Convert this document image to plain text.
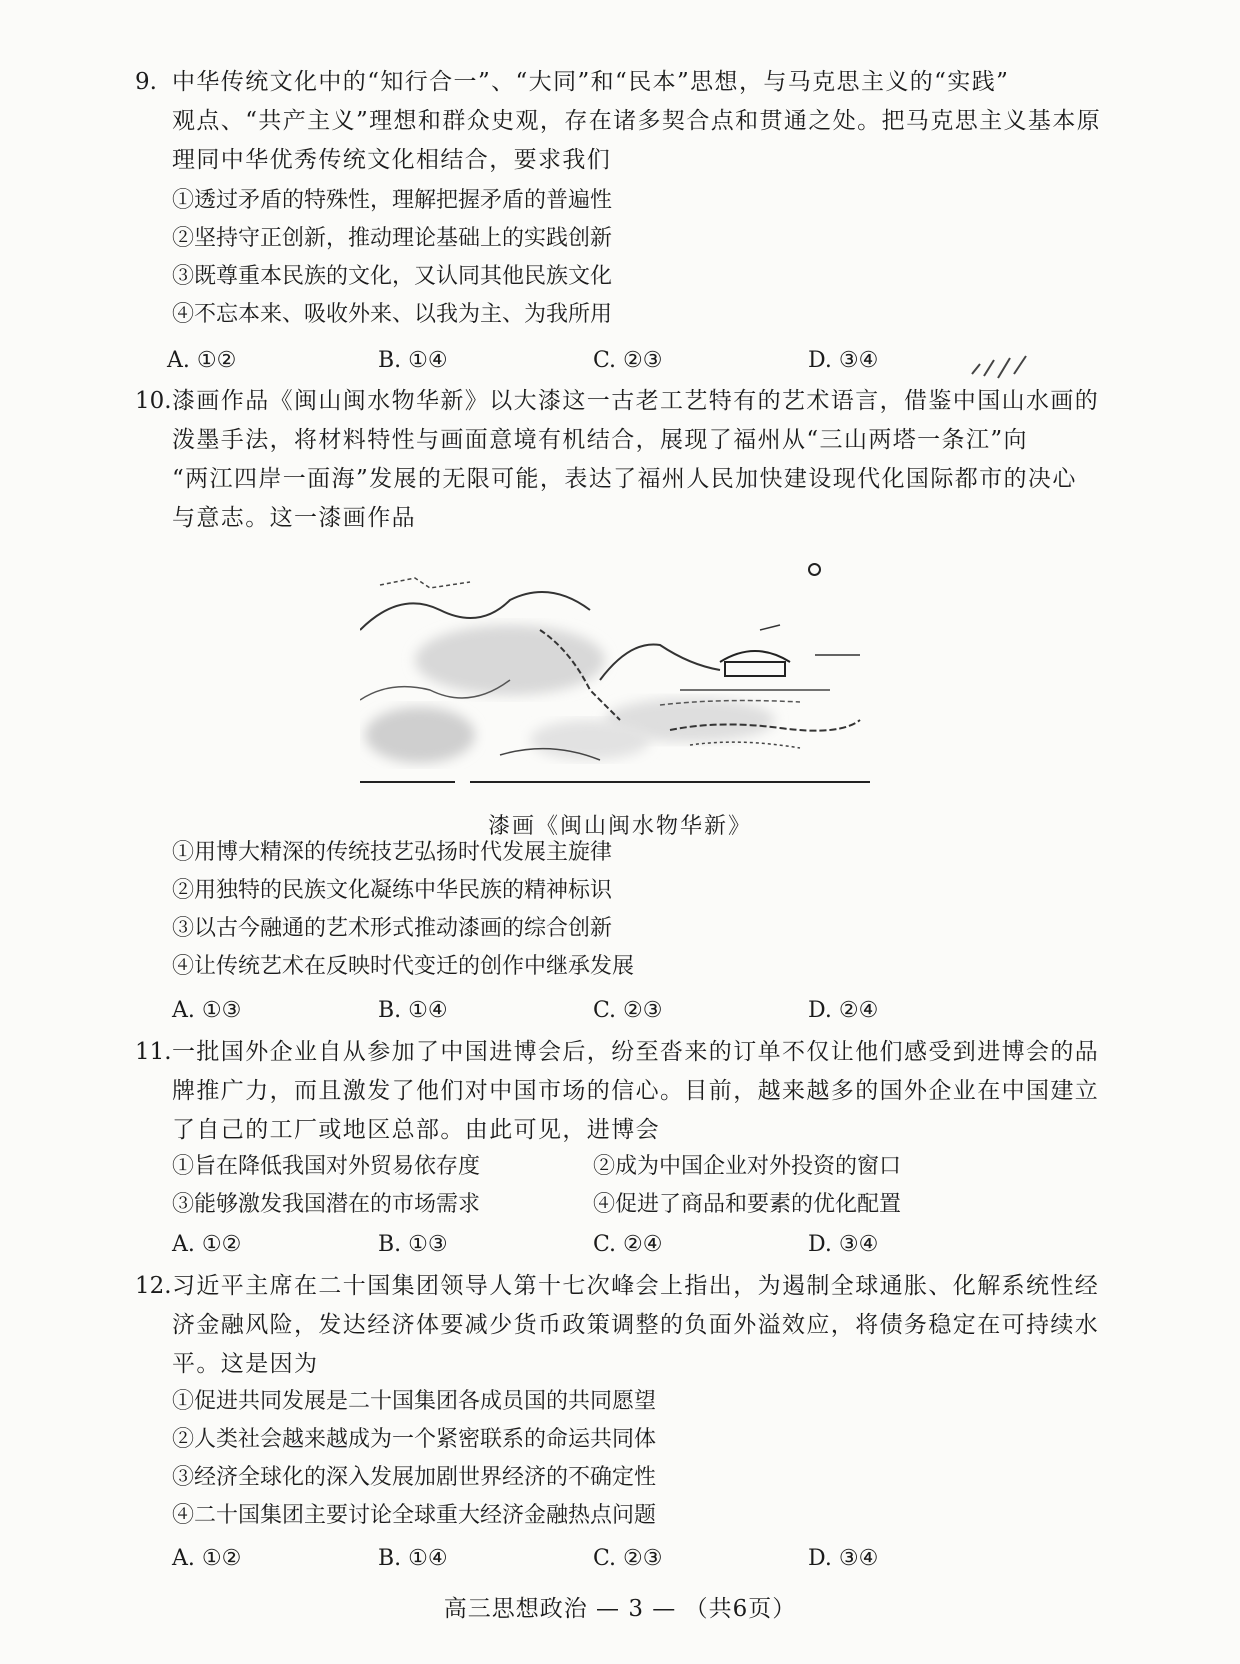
9. 中华传统文化中的“知行合一”、“大同”和“民本”思想，与马克思主义的“实践”
观点、“共产主义”理想和群众史观，存在诸多契合点和贯通之处。把马克思主义基本原
理同中华优秀传统文化相结合，要求我们
①透过矛盾的特殊性，理解把握矛盾的普遍性
②坚持守正创新，推动理论基础上的实践创新
③既尊重本民族的文化，又认同其他民族文化
④不忘本来、吸收外来、以我为主、为我所用
A. ①②	B. ①④	C. ②③	D. ③④
10. 漆画作品《闽山闽水物华新》以大漆这一古老工艺特有的艺术语言，借鉴中国山水画的
泼墨手法，将材料特性与画面意境有机结合，展现了福州从“三山两塔一条江”向
“两江四岸一面海”发展的无限可能，表达了福州人民加快建设现代化国际都市的决心
与意志。这一漆画作品
漆画《闽山闽水物华新》
①用博大精深的传统技艺弘扬时代发展主旋律
②用独特的民族文化凝练中华民族的精神标识
③以古今融通的艺术形式推动漆画的综合创新
④让传统艺术在反映时代变迁的创作中继承发展
A. ①③	B. ①④	C. ②③	D. ②④
11. 一批国外企业自从参加了中国进博会后，纷至沓来的订单不仅让他们感受到进博会的品
牌推广力，而且激发了他们对中国市场的信心。目前，越来越多的国外企业在中国建立
了自己的工厂或地区总部。由此可见，进博会
①旨在降低我国对外贸易依存度	②成为中国企业对外投资的窗口
③能够激发我国潜在的市场需求	④促进了商品和要素的优化配置
A. ①②	B. ①③	C. ②④	D. ③④
12. 习近平主席在二十国集团领导人第十七次峰会上指出，为遏制全球通胀、化解系统性经
济金融风险，发达经济体要减少货币政策调整的负面外溢效应，将债务稳定在可持续水
平。这是因为
①促进共同发展是二十国集团各成员国的共同愿望
②人类社会越来越成为一个紧密联系的命运共同体
③经济全球化的深入发展加剧世界经济的不确定性
④二十国集团主要讨论全球重大经济金融热点问题
A. ①②	B. ①④	C. ②③	D. ③④
高三思想政治 — 3 — （共6页）
